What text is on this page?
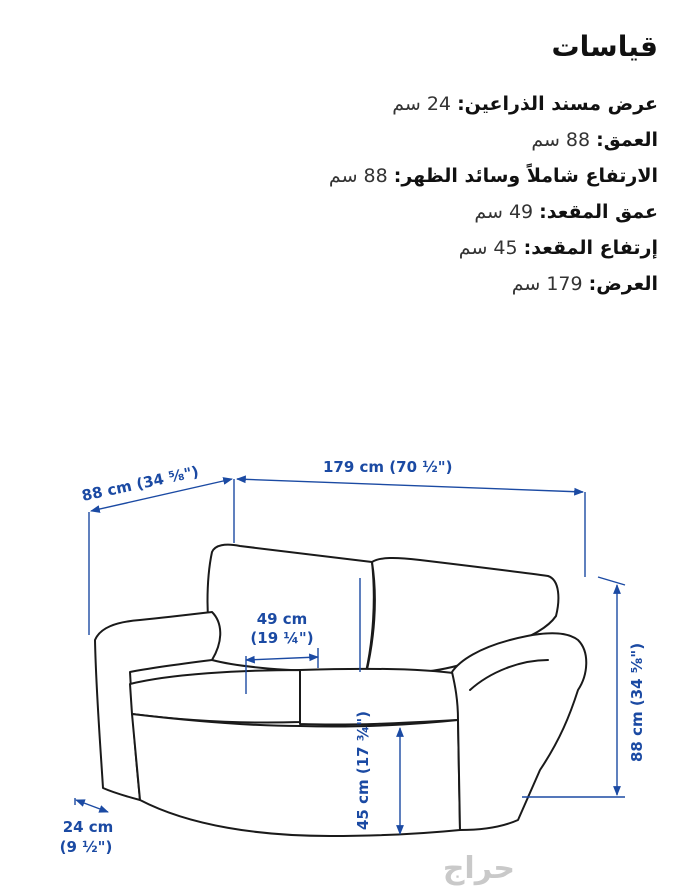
قياسات
عرض مسند الذراعين: 24 سم
العمق: 88 سم
الارتفاع شاملاً وسائد الظهر: 88 سم
عمق المقعد: 49 سم
إرتفاع المقعد: 45 سم
العرض: 179 سم
88 cm (34 ⁵⁄₈")	179 cm (70 ½")
88 cm (34 ⁵⁄₈")
49 cm
(19 ¼")
45 cm (17 ¾")
24 cm
(9 ½")
حراج
